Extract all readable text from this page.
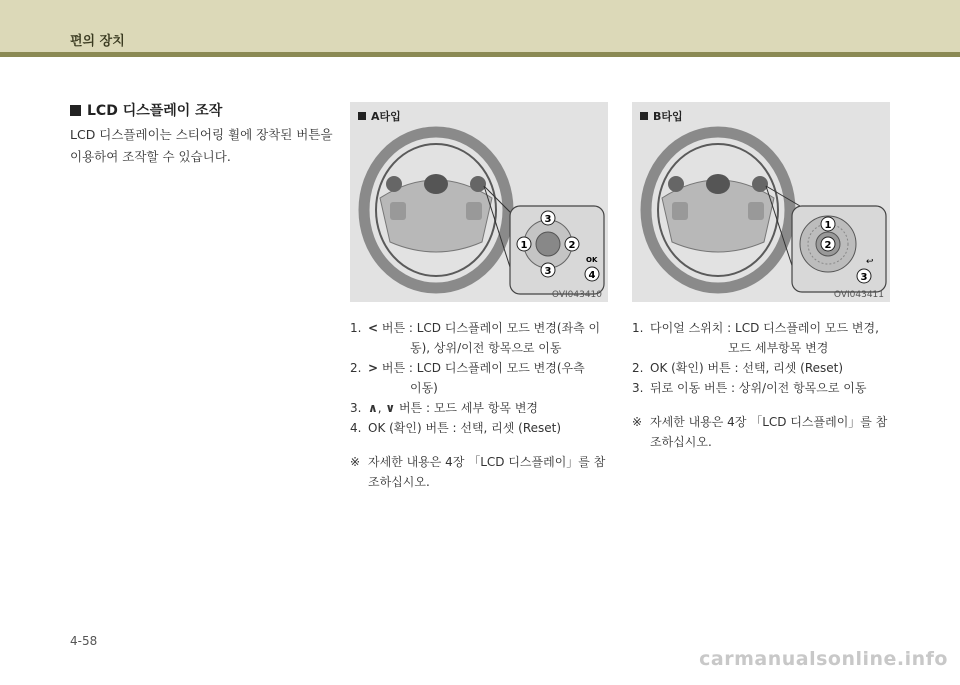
편의 장치
LCD 디스플레이 조작
LCD 디스플레이는 스티어링 휠에 장착된 버튼을 이용하여 조작할 수 있습니다.
3
1	2
3
OK
4
A타입
OVI043410
1
2
↩
3
B타입
OVI043411
1. < 버튼 : LCD 디스플레이 모드 변경(좌측 이
동), 상위/이전 항목으로 이동
2. > 버튼 : LCD 디스플레이 모드 변경(우측
이동)
3. ∧, ∨ 버튼 : 모드 세부 항목 변경
4. OK (확인) 버튼 : 선택, 리셋 (Reset)
※ 자세한 내용은 4장 「LCD 디스플레이」를 참조하십시오.
1. 다이얼 스위치 : LCD 디스플레이 모드 변경,
모드 세부항목 변경
2. OK (확인) 버튼 : 선택, 리셋 (Reset)
3. 뒤로 이동 버튼 : 상위/이전 항목으로 이동
※ 자세한 내용은 4장 「LCD 디스플레이」를 참조하십시오.
4-58
carmanualsonline.info
